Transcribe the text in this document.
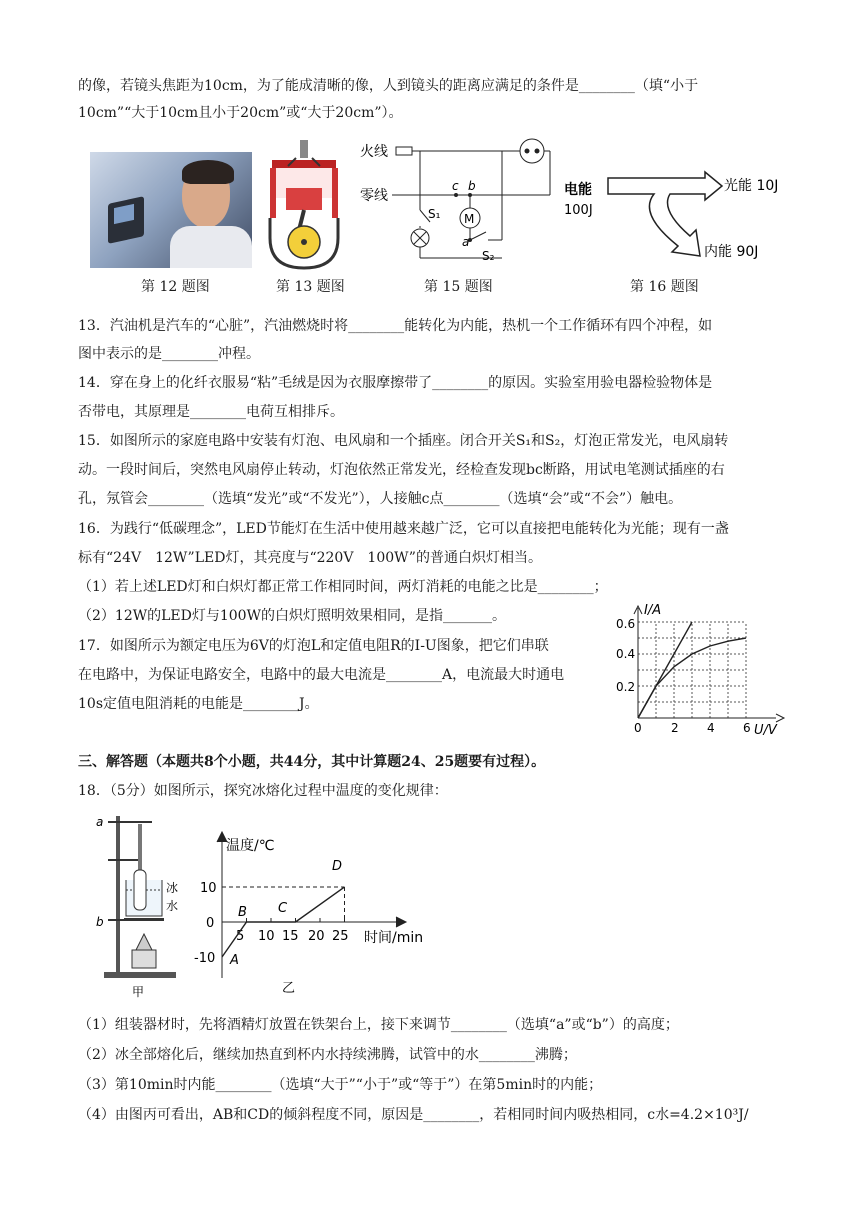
的像，若镜头焦距为10cm，为了能成清晰的像，人到镜头的距离应满足的条件是________（填“小于
10cm”“大于10cm且小于20cm”或“大于20cm”）。
第 12 题图	第 13 题图
火线
零线
S₁
c b
M
a
S₂
第 15 题图
电能
100J
光能 10J
内能 90J
第 16 题图
13．汽油机是汽车的“心脏”，汽油燃烧时将________能转化为内能，热机一个工作循环有四个冲程，如
图中表示的是________冲程。
14．穿在身上的化纤衣服易“粘”毛绒是因为衣服摩擦带了________的原因。实验室用验电器检验物体是
否带电，其原理是________电荷互相排斥。
15．如图所示的家庭电路中安装有灯泡、电风扇和一个插座。闭合开关S₁和S₂，灯泡正常发光，电风扇转
动。一段时间后，突然电风扇停止转动，灯泡依然正常发光，经检查发现bc断路，用试电笔测试插座的右
孔，氖管会________（选填“发光”或“不发光”），人接触c点________（选填“会”或“不会”）触电。
16．为践行“低碳理念”，LED节能灯在生活中使用越来越广泛，它可以直接把电能转化为光能；现有一盏
标有“24V　12W”LED灯，其亮度与“220V　100W”的普通白炽灯相当。
（1）若上述LED灯和白炽灯都正常工作相同时间，两灯消耗的电能之比是________；
（2）12W的LED灯与100W的白炽灯照明效果相同，是指_______。
17．如图所示为额定电压为6V的灯泡L和定值电阻R的I-U图象，把它们串联
在电路中，为保证电路安全，电路中的最大电流是________A，电流最大时通电
10s定值电阻消耗的电能是________J。
I/A
U/V
0.6
0.4
0.2
0 2 4 6
三、解答题（本题共8个小题，共44分，其中计算题24、25题要有过程）。
18．（5分）如图所示，探究冰熔化过程中温度的变化规律：
a
b
冰
水
甲
温度/℃
时间/min
10
0
-10
5 10 15 20 25
A
B C
D
乙
（1）组装器材时，先将酒精灯放置在铁架台上，接下来调节________（选填“a”或“b”）的高度；
（2）冰全部熔化后，继续加热直到杯内水持续沸腾，试管中的水________沸腾；
（3）第10min时内能________（选填“大于”“小于”或“等于”）在第5min时的内能；
（4）由图丙可看出，AB和CD的倾斜程度不同，原因是________，若相同时间内吸热相同，c水=4.2×10³J/
